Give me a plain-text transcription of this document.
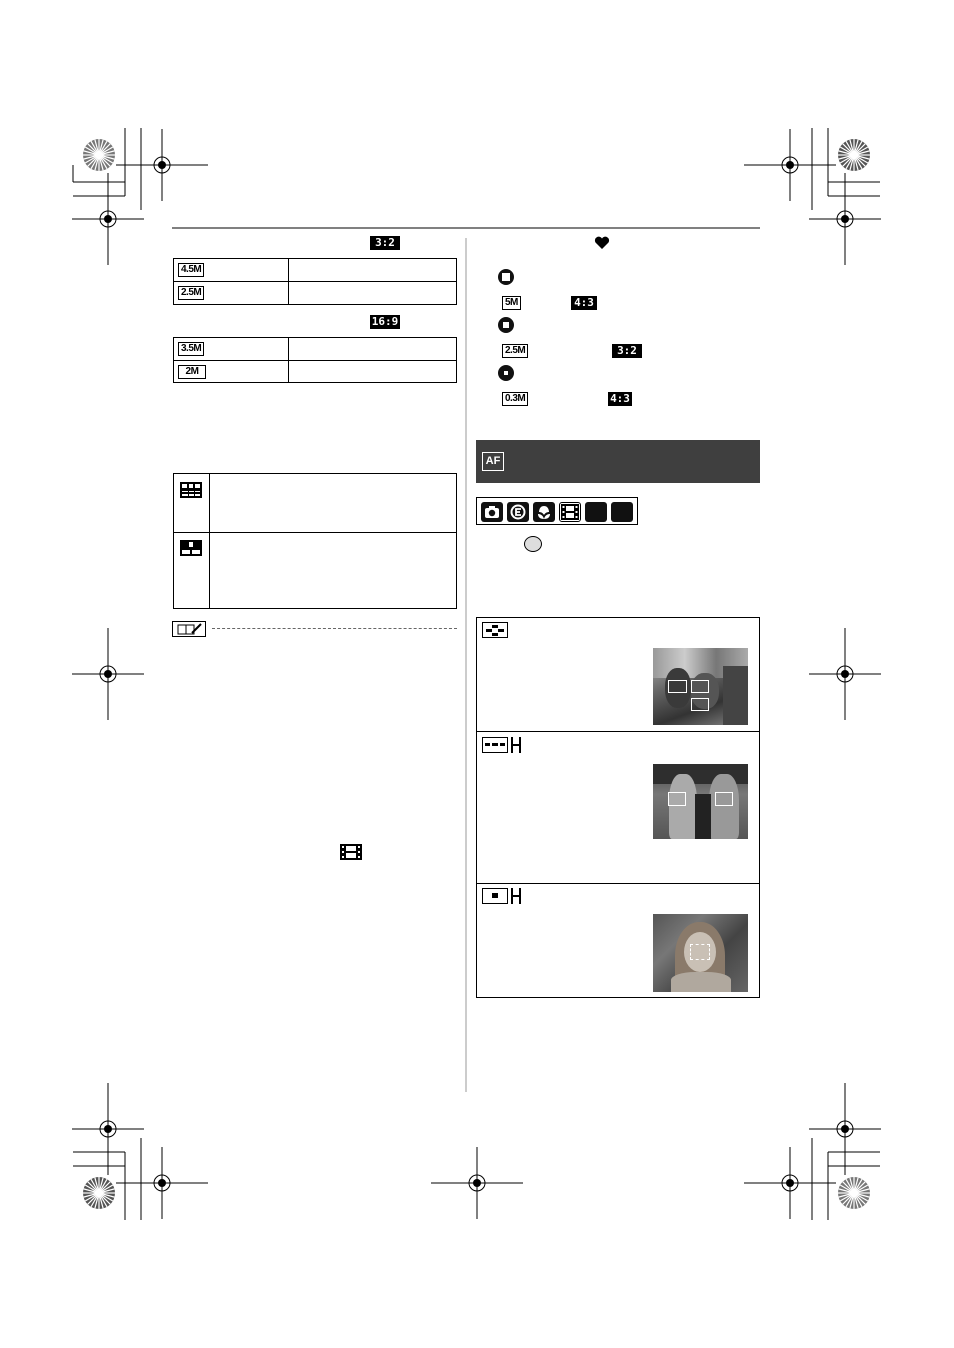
3:2
4.5M	

2.5M	

16:9
3.5M	

2M	

5M	4:3
2.5M	3:2
0.3M	4:3
AF
